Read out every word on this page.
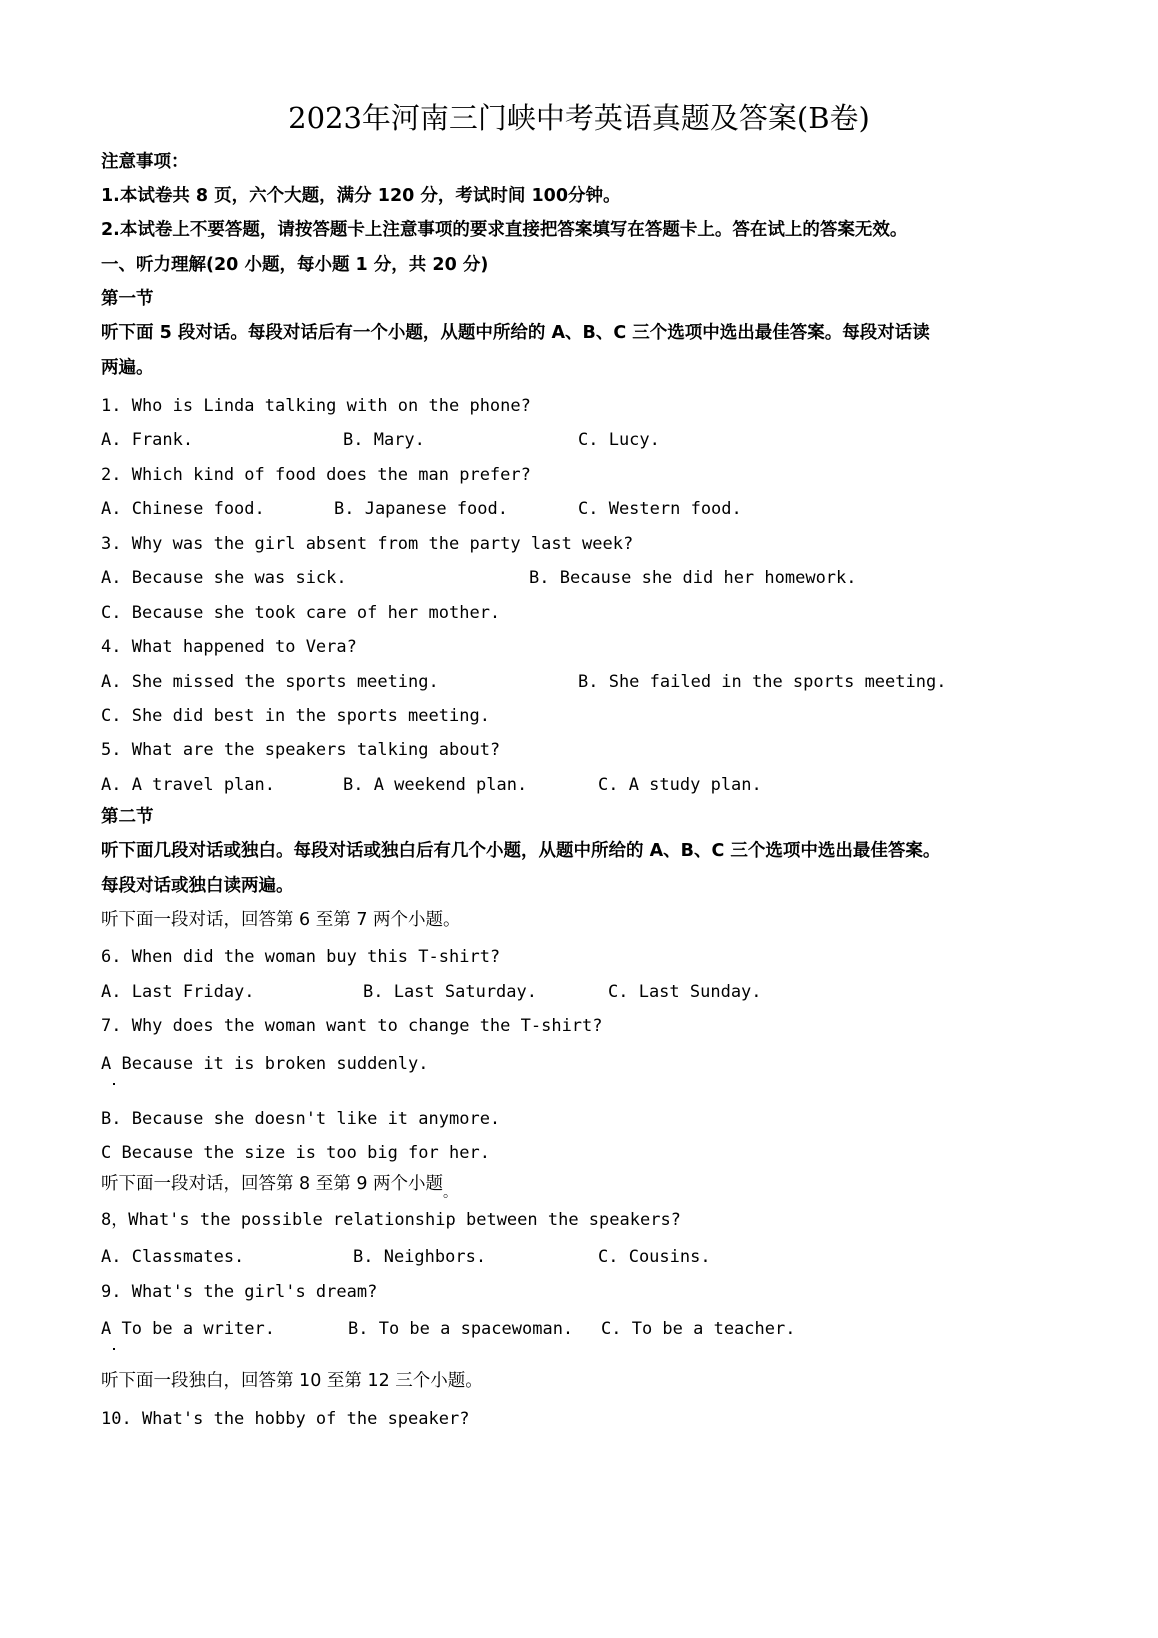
2023年河南三门峡中考英语真题及答案(B卷)
注意事项：
1.本试卷共 8 页，六个大题，满分 120 分，考试时间 100分钟。
2.本试卷上不要答题，请按答题卡上注意事项的要求直接把答案填写在答题卡上。答在试上的答案无效。
一、听力理解(20 小题，每小题 1 分，共 20 分)
第一节
听下面 5 段对话。每段对话后有一个小题，从题中所给的 A、B、C 三个选项中选出最佳答案。每段对话读
两遍。
1. Who is Linda talking with on the phone?
A. Frank.	B. Mary.	C. Lucy.
2. Which kind of food does the man prefer?
A. Chinese food.	B. Japanese food.	C. Western food.
3. Why was the girl absent from the party last week?
A. Because she was sick.	B. Because she did her homework.
C. Because she took care of her mother.
4. What happened to Vera?
A. She missed the sports meeting.	B. She failed in the sports meeting.
C. She did best in the sports meeting.
5. What are the speakers talking about?
A. A travel plan.	B. A weekend plan.	C. A study plan.
第二节
听下面几段对话或独白。每段对话或独白后有几个小题，从题中所给的 A、B、C 三个选项中选出最佳答案。
每段对话或独白读两遍。
听下面一段对话，回答第 6 至第 7 两个小题。
6. When did the woman buy this T-shirt?
A. Last Friday.	B. Last Saturday.	C. Last Sunday.
7. Why does the woman want to change the T-shirt?
A Because it is broken suddenly.
B. Because she doesn't like it anymore.
C Because the size is too big for her.
听下面一段对话，回答第 8 至第 9 两个小题$_。$
8，What's the possible relationship between the speakers?
A. Classmates.	B. Neighbors.	C. Cousins.
9. What's the girl's dream?
A To be a writer.	B. To be a spacewoman. C. To be a teacher.
听下面一段独白，回答第 10 至第 12 三个小题。
10. What's the hobby of the speaker?
